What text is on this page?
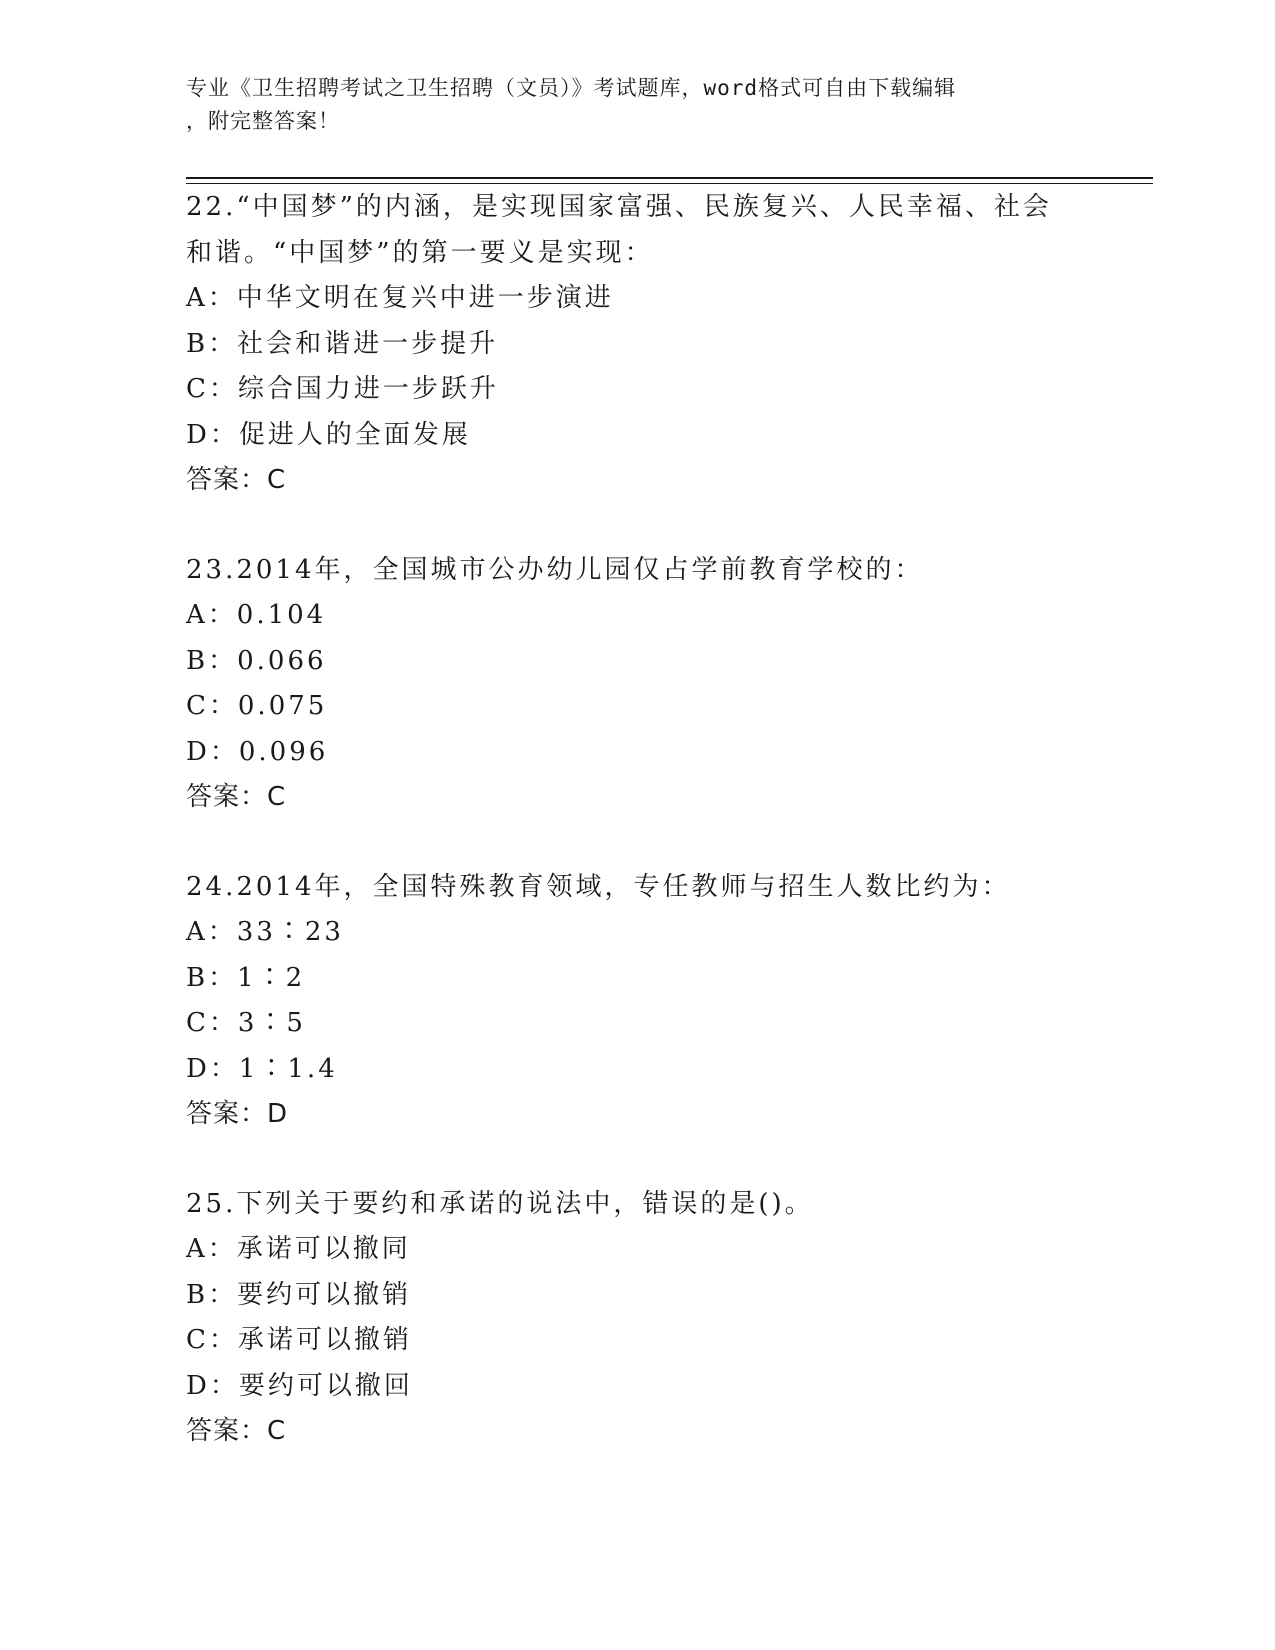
专业《卫生招聘考试之卫生招聘（文员）》考试题库，word格式可自由下载编辑
，附完整答案！
22.“中国梦”的内涵，是实现国家富强、民族复兴、人民幸福、社会
和谐。“中国梦”的第一要义是实现：
A：中华文明在复兴中进一步演进
B：社会和谐进一步提升
C：综合国力进一步跃升
D：促进人的全面发展
答案：C
23.2014年，全国城市公办幼儿园仅占学前教育学校的：
A：0.104
B：0.066
C：0.075
D：0.096
答案：C
24.2014年，全国特殊教育领域，专任教师与招生人数比约为：
A：33∶23
B：1∶2
C：3∶5
D：1∶1.4
答案：D
25.下列关于要约和承诺的说法中，错误的是()。
A：承诺可以撤同
B：要约可以撤销
C：承诺可以撤销
D：要约可以撤回
答案：C
